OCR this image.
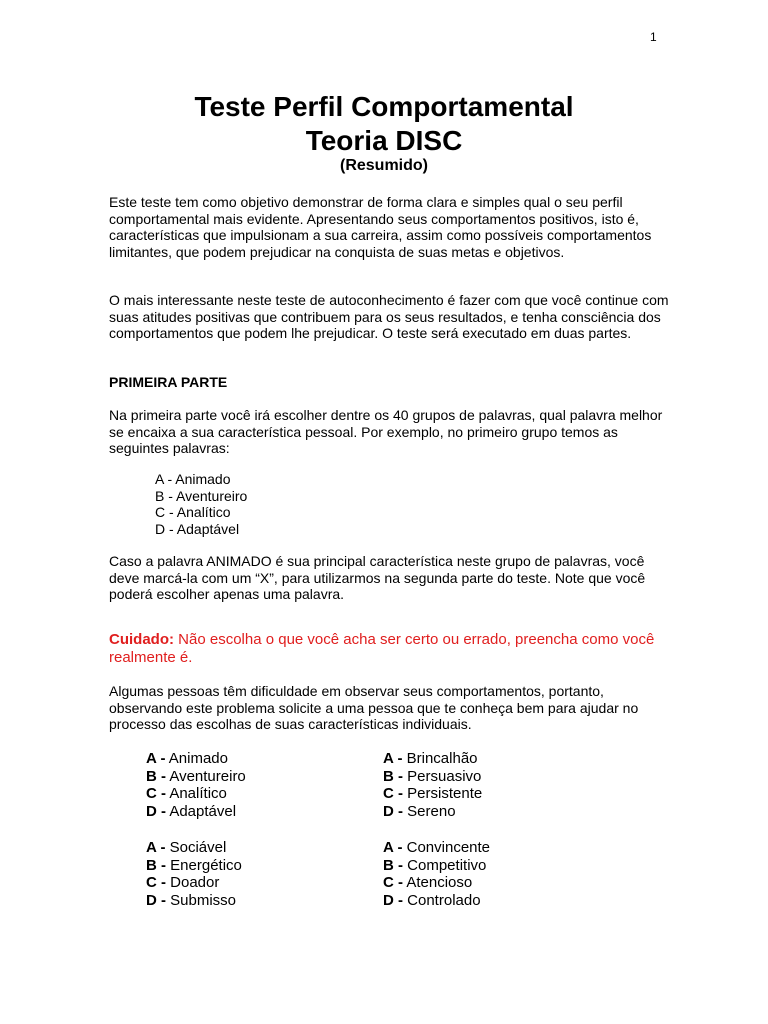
1
Teste Perfil Comportamental
Teoria DISC
(Resumido)

Este teste tem como objetivo demonstrar de forma clara e simples qual o seu perfil comportamental mais evidente. Apresentando seus comportamentos positivos, isto é, características que impulsionam a sua carreira, assim como possíveis comportamentos limitantes, que podem prejudicar na conquista de suas metas e objetivos.

O mais interessante neste teste de autoconhecimento é fazer com que você continue com suas atitudes positivas que contribuem para os seus resultados, e tenha consciência dos comportamentos que podem lhe prejudicar. O teste será executado em duas partes.

PRIMEIRA PARTE

Na primeira parte você irá escolher dentre os 40 grupos de palavras, qual palavra melhor se encaixa a sua característica pessoal. Por exemplo, no primeiro grupo temos as seguintes palavras:

A - Animado
B - Aventureiro
C - Analítico
D - Adaptável

Caso a palavra ANIMADO é sua principal característica neste grupo de palavras, você deve marcá-la com um “X”, para utilizarmos na segunda parte do teste. Note que você poderá escolher apenas uma palavra.

Cuidado: Não escolha o que você acha ser certo ou errado, preencha como você realmente é.

Algumas pessoas têm dificuldade em observar seus comportamentos, portanto, observando este problema solicite a uma pessoa que te conheça bem para ajudar no processo das escolhas de suas características individuais.

A - Animado
B - Aventureiro
C - Analítico
D - Adaptável
A - Brincalhão
B - Persuasivo
C - Persistente
D - Sereno
A - Sociável
B - Energético
C - Doador
D - Submisso
A - Convincente
B - Competitivo
C - Atencioso
D - Controlado
